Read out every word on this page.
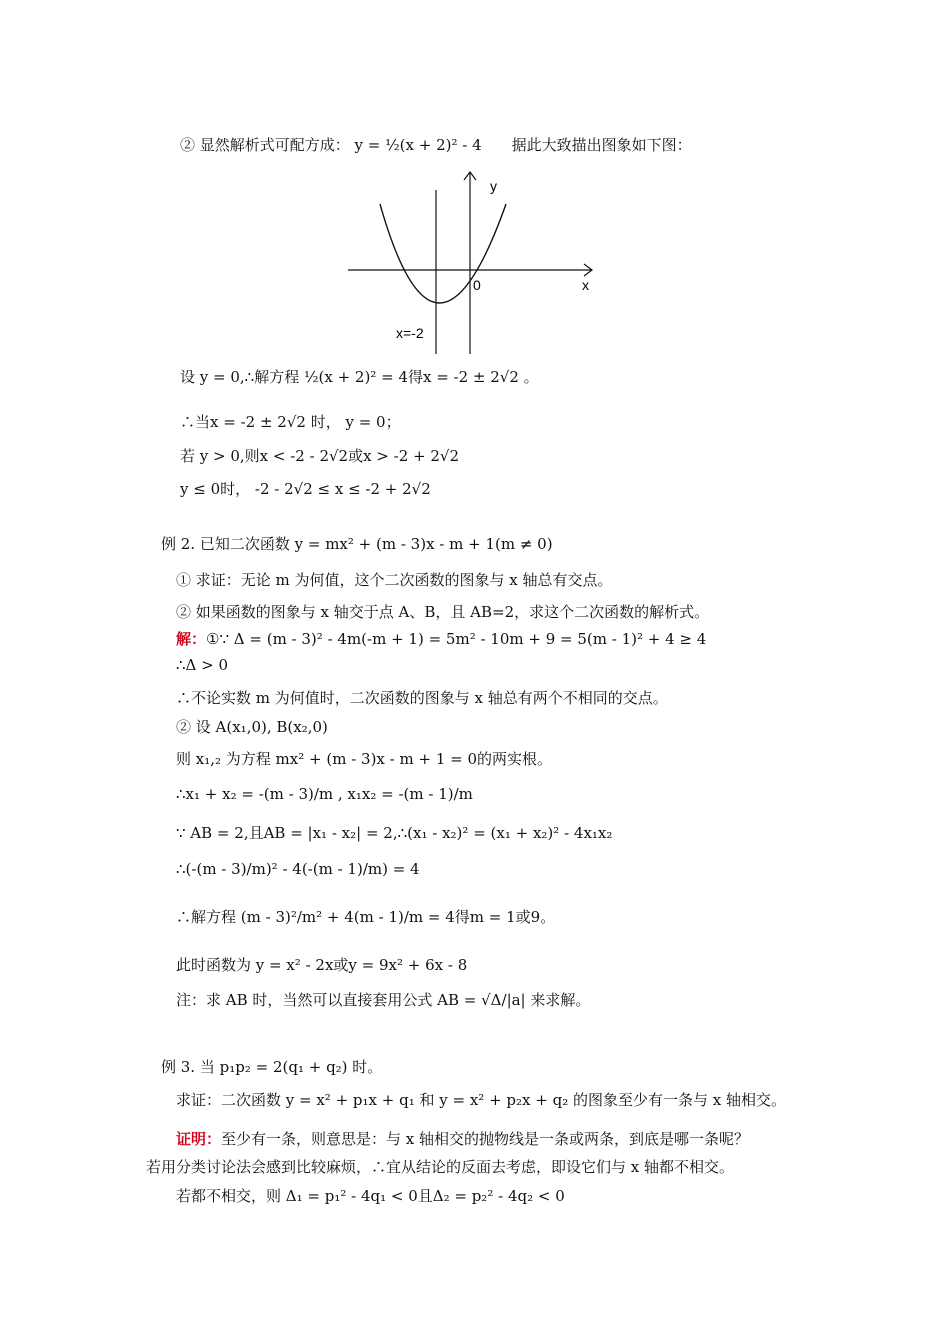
② 显然解析式可配方成： y = ½(x + 2)² - 4　　据此大致描出图象如下图：
y
x
0
x=-2
设 y = 0,∴解方程 ½(x + 2)² = 4得x = -2 ± 2√2 。
∴当x = -2 ± 2√2 时， y = 0；
若 y > 0,则x < -2 - 2√2或x > -2 + 2√2
y ≤ 0时， -2 - 2√2 ≤ x ≤ -2 + 2√2
例 2. 已知二次函数 y = mx² + (m - 3)x - m + 1(m ≠ 0)
① 求证：无论 m 为何值，这个二次函数的图象与 x 轴总有交点。
② 如果函数的图象与 x 轴交于点 A、B，且 AB=2，求这个二次函数的解析式。
解：①∵ Δ = (m - 3)² - 4m(-m + 1) = 5m² - 10m + 9 = 5(m - 1)² + 4 ≥ 4
∴Δ > 0
∴不论实数 m 为何值时，二次函数的图象与 x 轴总有两个不相同的交点。
② 设 A(x₁,0), B(x₂,0)
则 x₁,₂ 为方程 mx² + (m - 3)x - m + 1 = 0的两实根。
∴x₁ + x₂ = -(m - 3)/m , x₁x₂ = -(m - 1)/m
∵ AB = 2,且AB = |x₁ - x₂| = 2,∴(x₁ - x₂)² = (x₁ + x₂)² - 4x₁x₂
∴(-(m - 3)/m)² - 4(-(m - 1)/m) = 4
∴解方程 (m - 3)²/m² + 4(m - 1)/m = 4得m = 1或9。
此时函数为 y = x² - 2x或y = 9x² + 6x - 8
注：求 AB 时，当然可以直接套用公式 AB = √Δ/|a| 来求解。
例 3. 当 p₁p₂ = 2(q₁ + q₂) 时。
求证：二次函数 y = x² + p₁x + q₁ 和 y = x² + p₂x + q₂ 的图象至少有一条与 x 轴相交。
证明：至少有一条，则意思是：与 x 轴相交的抛物线是一条或两条，到底是哪一条呢？
若用分类讨论法会感到比较麻烦，∴宜从结论的反面去考虑，即设它们与 x 轴都不相交。
若都不相交，则 Δ₁ = p₁² - 4q₁ < 0且Δ₂ = p₂² - 4q₂ < 0
